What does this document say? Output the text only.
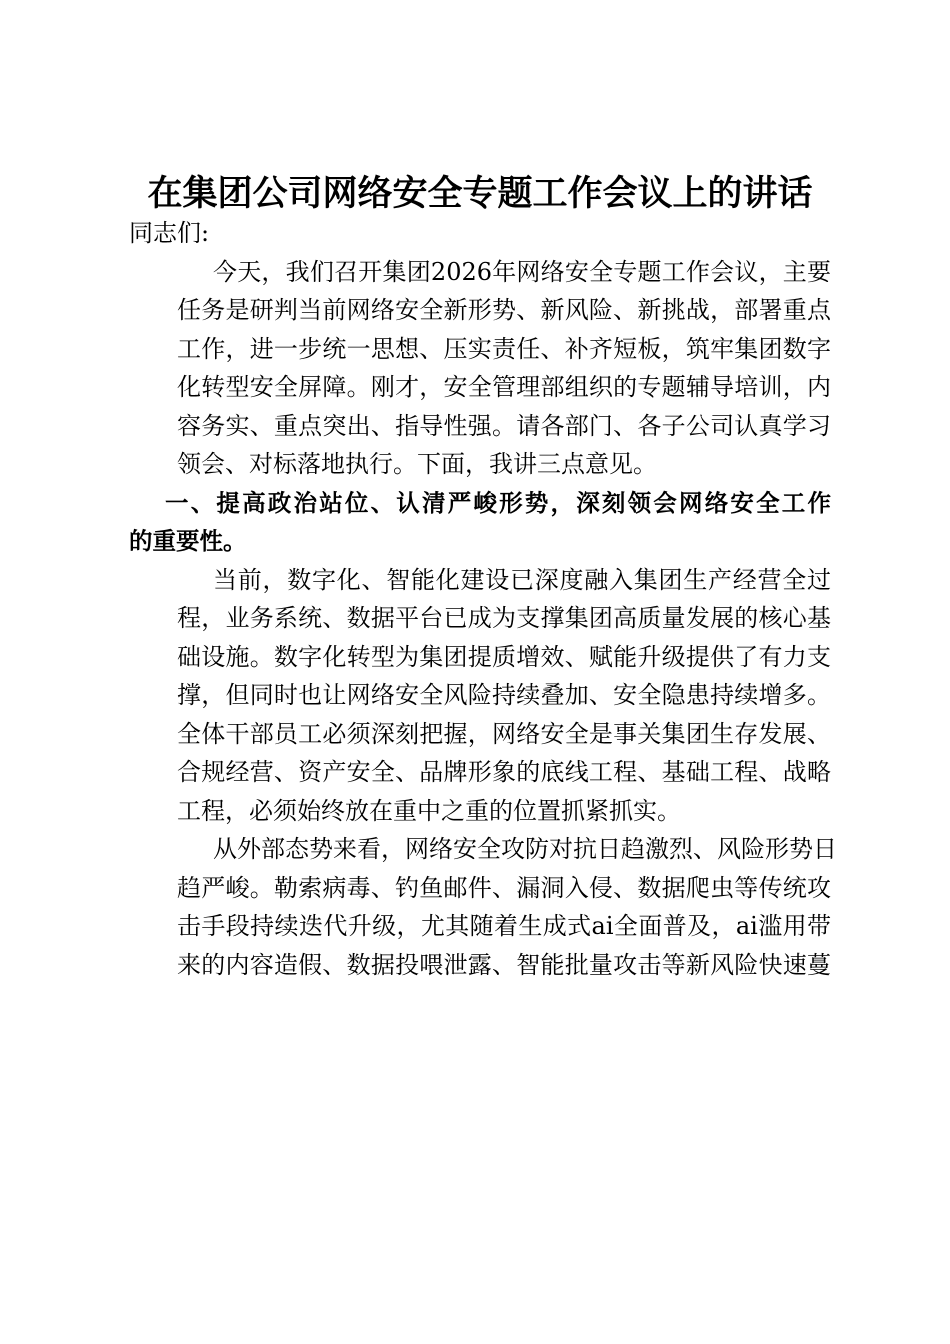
在集团公司网络安全专题工作会议上的讲话

同志们:

今天，我们召开集团2026年网络安全专题工作会议，主要
任务是研判当前网络安全新形势、新风险、新挑战，部署重点
工作，进一步统一思想、压实责任、补齐短板，筑牢集团数字
化转型安全屏障。刚才，安全管理部组织的专题辅导培训，内
容务实、重点突出、指导性强。请各部门、各子公司认真学习
领会、对标落地执行。下面，我讲三点意见。

一、提高政治站位、认清严峻形势，深刻领会网络安全工作
的重要性。

当前，数字化、智能化建设已深度融入集团生产经营全过
程，业务系统、数据平台已成为支撑集团高质量发展的核心基
础设施。数字化转型为集团提质增效、赋能升级提供了有力支
撑，但同时也让网络安全风险持续叠加、安全隐患持续增多。
全体干部员工必须深刻把握，网络安全是事关集团生存发展、
合规经营、资产安全、品牌形象的底线工程、基础工程、战略
工程，必须始终放在重中之重的位置抓紧抓实。

从外部态势来看，网络安全攻防对抗日趋激烈、风险形势日
趋严峻。勒索病毒、钓鱼邮件、漏洞入侵、数据爬虫等传统攻
击手段持续迭代升级，尤其随着生成式ai全面普及，ai滥用带
来的内容造假、数据投喂泄露、智能批量攻击等新风险快速蔓
